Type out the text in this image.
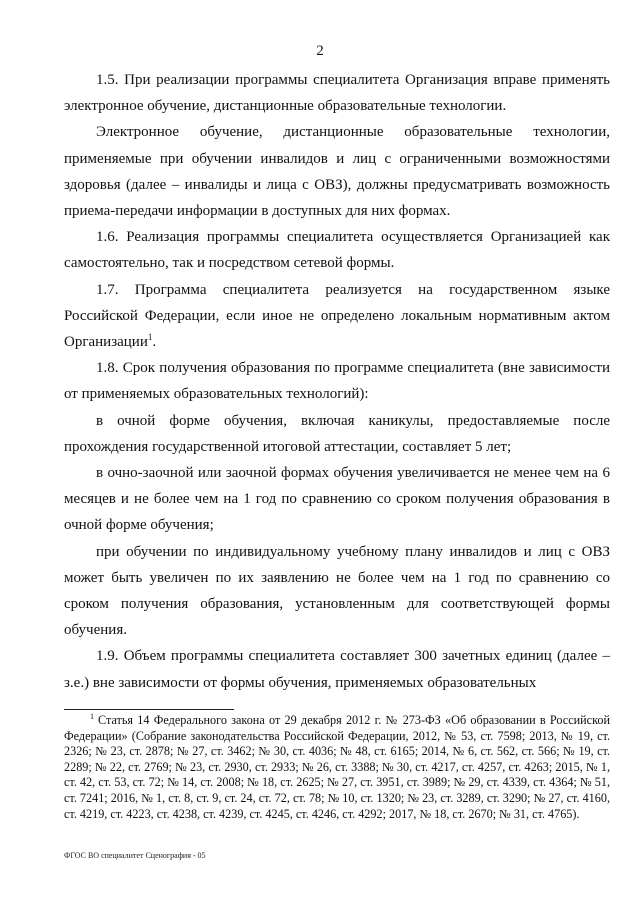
2

1.5. При реализации программы специалитета Организация вправе применять электронное обучение, дистанционные образовательные технологии.

Электронное обучение, дистанционные образовательные технологии, применяемые при обучении инвалидов и лиц с ограниченными возможностями здоровья (далее – инвалиды и лица с ОВЗ), должны предусматривать возможность приема-передачи информации в доступных для них формах.

1.6. Реализация программы специалитета осуществляется Организацией как самостоятельно, так и посредством сетевой формы.

1.7. Программа специалитета реализуется на государственном языке Российской Федерации, если иное не определено локальным нормативным актом Организации$^1$.

1.8. Срок получения образования по программе специалитета (вне зависимости от применяемых образовательных технологий):

в очной форме обучения, включая каникулы, предоставляемые после прохождения государственной итоговой аттестации, составляет 5 лет;

в очно-заочной или заочной формах обучения увеличивается не менее чем на 6 месяцев и не более чем на 1 год по сравнению со сроком получения образования в очной форме обучения;

при обучении по индивидуальному учебному плану инвалидов и лиц с ОВЗ может быть увеличен по их заявлению не более чем на 1 год по сравнению со сроком получения образования, установленным для соответствующей формы обучения.

1.9. Объем программы специалитета составляет 300 зачетных единиц (далее – з.е.) вне зависимости от формы обучения, применяемых образовательных

$^1$ Статья 14 Федерального закона от 29 декабря 2012 г. № 273-ФЗ «Об образовании в Российской Федерации» (Собрание законодательства Российской Федерации, 2012, № 53, ст. 7598; 2013, № 19, ст. 2326; № 23, ст. 2878; № 27, ст. 3462; № 30, ст. 4036; № 48, ст. 6165; 2014, № 6, ст. 562, ст. 566; № 19, ст. 2289; № 22, ст. 2769; № 23, ст. 2930, ст. 2933; № 26, ст. 3388; № 30, ст. 4217, ст. 4257, ст. 4263; 2015, № 1, ст. 42, ст. 53, ст. 72; № 14, ст. 2008; № 18, ст. 2625; № 27, ст. 3951, ст. 3989; № 29, ст. 4339, ст. 4364; № 51, ст. 7241; 2016, № 1, ст. 8, ст. 9, ст. 24, ст. 72, ст. 78; № 10, ст. 1320; № 23, ст. 3289, ст. 3290; № 27, ст. 4160, ст. 4219, ст. 4223, ст. 4238, ст. 4239, ст. 4245, ст. 4246, ст. 4292; 2017, № 18, ст. 2670; № 31, ст. 4765).

ФГОС ВО специалитет Сценография - 05
